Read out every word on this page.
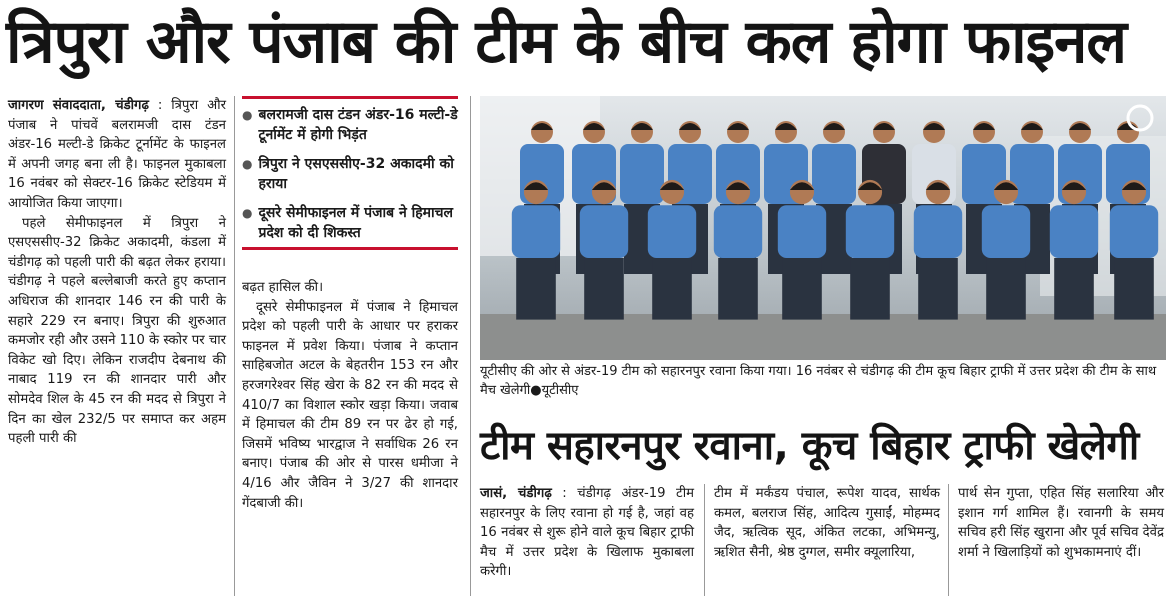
त्रिपुरा और पंजाब की टीम के बीच कल होगा फाइनल

जागरण संवाददाता, चंडीगढ़ : त्रिपुरा और पंजाब ने पांचवें बलरामजी दास टंडन अंडर-16 मल्टी-डे क्रिकेट टूर्नामेंट के फाइनल में अपनी जगह बना ली है। फाइनल मुकाबला 16 नवंबर को सेक्टर-16 क्रिकेट स्टेडियम में आयोजित किया जाएगा।

पहले सेमीफाइनल में त्रिपुरा ने एसएससीए-32 क्रिकेट अकादमी, कंडला में चंडीगढ़ को पहली पारी की बढ़त लेकर हराया। चंडीगढ़ ने पहले बल्लेबाजी करते हुए कप्तान अधिराज की शानदार 146 रन की पारी के सहारे 229 रन बनाए। त्रिपुरा की शुरुआत कमजोर रही और उसने 110 के स्कोर पर चार विकेट खो दिए। लेकिन राजदीप देबनाथ की नाबाद 119 रन की शानदार पारी और सोमदेव शिल के 45 रन की मदद से त्रिपुरा ने दिन का खेल 232/5 पर समाप्त कर अहम पहली पारी की

● बलरामजी दास टंडन अंडर-16 मल्टी-डे टूर्नामेंट में होगी भिड़ंत
● त्रिपुरा ने एसएससीए-32 अकादमी को हराया
● दूसरे सेमीफाइनल में पंजाब ने हिमाचल प्रदेश को दी शिकस्त

बढ़त हासिल की।

दूसरे सेमीफाइनल में पंजाब ने हिमाचल प्रदेश को पहली पारी के आधार पर हराकर फाइनल में प्रवेश किया। पंजाब ने कप्तान साहिबजोत अटल के बेहतरीन 153 रन और हरजगरेश्वर सिंह खेरा के 82 रन की मदद से 410/7 का विशाल स्कोर खड़ा किया। जवाब में हिमाचल की टीम 89 रन पर ढेर हो गई, जिसमें भविष्य भारद्वाज ने सर्वाधिक 26 रन बनाए। पंजाब की ओर से पारस धमीजा ने 4/16 और जैविन ने 3/27 की शानदार गेंदबाजी की।

यूटीसीए की ओर से अंडर-19 टीम को सहारनपुर रवाना किया गया। 16 नवंबर से चंडीगढ़ की टीम कूच बिहार ट्राफी में उत्तर प्रदेश की टीम के साथ मैच खेलेगी●यूटीसीए
टीम सहारनपुर रवाना, कूच बिहार ट्राफी खेलेगी

जासं, चंडीगढ़ : चंडीगढ़ अंडर-19 टीम सहारनपुर के लिए रवाना हो गई है, जहां वह 16 नवंबर से शुरू होने वाले कूच बिहार ट्राफी मैच में उत्तर प्रदेश के खिलाफ मुकाबला करेगी।

टीम में मर्कंडय पंचाल, रूपेश यादव, सार्थक कमल, बलराज सिंह, आदित्य गुसाईं, मोहम्मद जैद, ऋत्विक सूद, अंकित लटका, अभिमन्यु, ऋशित सैनी, श्रेष्ठ दुग्गल, समीर क्यूलारिया,

पार्थ सेन गुप्ता, एहित सिंह सलारिया और इशान गर्ग शामिल हैं। रवानगी के समय सचिव हरी सिंह खुराना और पूर्व सचिव देवेंद्र शर्मा ने खिलाड़ियों को शुभकामनाएं दीं।
